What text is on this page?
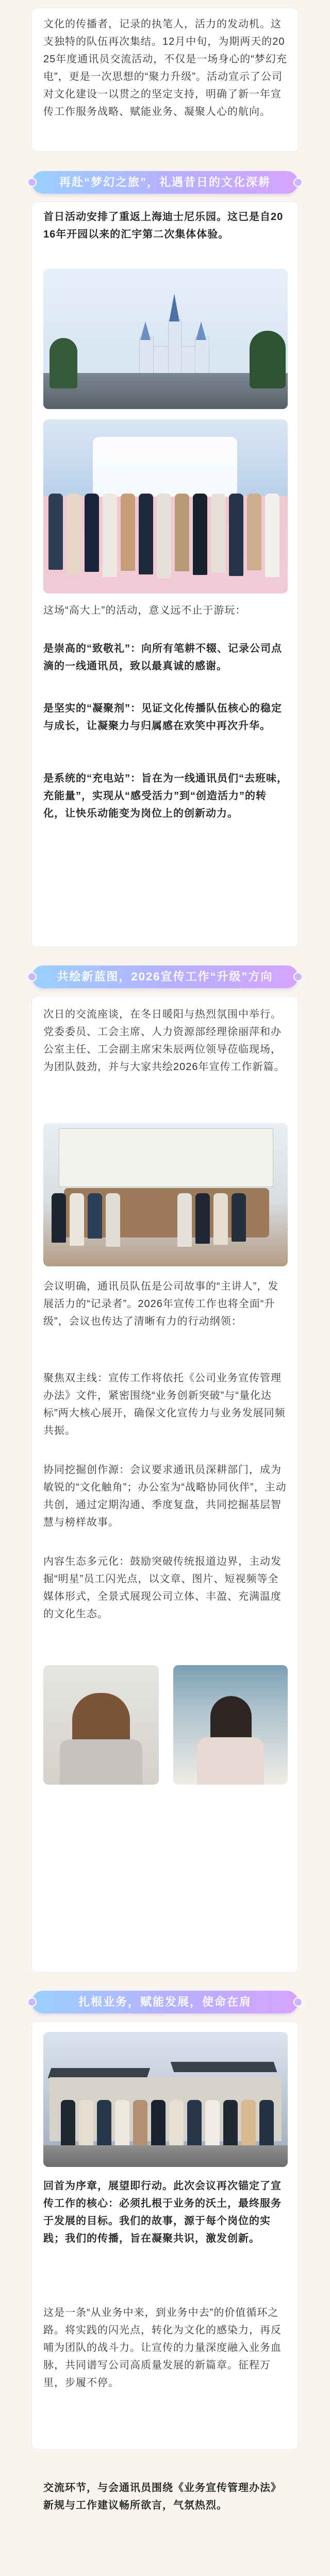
文化的传播者，记录的执笔人，活力的发动机。这支独特的队伍再次集结。12月中旬，为期两天的2025年度通讯员交流活动，不仅是一场身心的“梦幻充电”，更是一次思想的“聚力升级”。活动宣示了公司对文化建设一以贯之的坚定支持，明确了新一年宣传工作服务战略、赋能业务、凝聚人心的航向。
再赴“梦幻之旅”，礼遇昔日的文化深耕
首日活动安排了重返上海迪士尼乐园。这已是自2016年开园以来的汇宇第二次集体体验。
这场“高大上”的活动，意义远不止于游玩：
是崇高的“致敬礼”：向所有笔耕不辍、记录公司点滴的一线通讯员，致以最真诚的感谢。
是坚实的“凝聚剂”：见证文化传播队伍核心的稳定与成长，让凝聚力与归属感在欢笑中再次升华。
是系统的“充电站”：旨在为一线通讯员们“去班味，充能量”，实现从“感受活力”到“创造活力”的转化，让快乐动能变为岗位上的创新动力。
共绘新蓝图，2026宣传工作“升级”方向
次日的交流座谈，在冬日暖阳与热烈氛围中举行。党委委员、工会主席、人力资源部经理徐丽萍和办公室主任、工会副主席宋朱辰两位领导莅临现场，为团队鼓劲，并与大家共绘2026年宣传工作新篇。
会议明确，通讯员队伍是公司故事的“主讲人”，发展活力的“记录者”。2026年宣传工作也将全面“升级”，会议也传达了清晰有力的行动纲领：
聚焦双主线：宣传工作将依托《公司业务宣传管理办法》文件，紧密围绕“业务创新突破”与“量化达标”两大核心展开，确保文化宣传力与业务发展同频共振。
协同挖掘创作源：会议要求通讯员深耕部门，成为敏锐的“文化触角”；办公室为“战略协同伙伴”，主动共创，通过定期沟通、季度复盘，共同挖掘基层智慧与榜样故事。
内容生态多元化：鼓励突破传统报道边界，主动发掘“明星”员工闪光点，以文章、图片、短视频等全媒体形式，全景式展现公司立体、丰盈、充满温度的文化生态。
扎根业务，赋能发展，使命在肩
回首为序章，展望即行动。此次会议再次锚定了宣传工作的核心：必须扎根于业务的沃土，最终服务于发展的目标。我们的故事，源于每个岗位的实践；我们的传播，旨在凝聚共识，激发创新。
这是一条“从业务中来，到业务中去”的价值循环之路。将实践的闪光点，转化为文化的感染力，再反哺为团队的战斗力。让宣传的力量深度融入业务血脉，共同谱写公司高质量发展的新篇章。征程万里，步履不停。
交流环节，与会通讯员围绕《业务宣传管理办法》新规与工作建议畅所欲言，气氛热烈。
